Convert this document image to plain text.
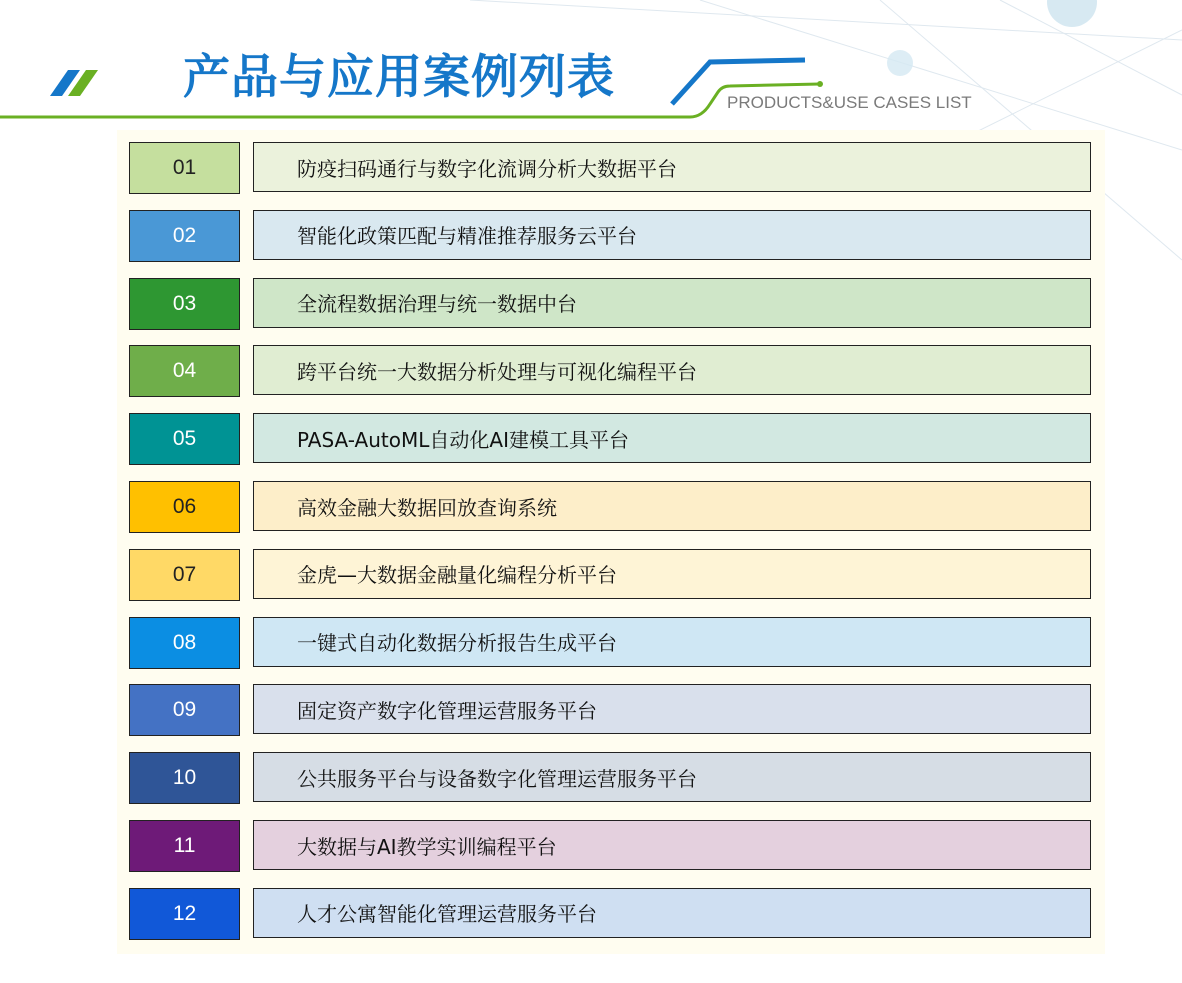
产品与应用案例列表	PRODUCTS&USE CASES LIST
01	防疫扫码通行与数字化流调分析大数据平台
02	智能化政策匹配与精准推荐服务云平台
03	全流程数据治理与统一数据中台
04	跨平台统一大数据分析处理与可视化编程平台
05	PASA-AutoML自动化AI建模工具平台
06	高效金融大数据回放查询系统
07	金虎—大数据金融量化编程分析平台
08	一键式自动化数据分析报告生成平台
09	固定资产数字化管理运营服务平台
10	公共服务平台与设备数字化管理运营服务平台
11	大数据与AI教学实训编程平台
12	人才公寓智能化管理运营服务平台
